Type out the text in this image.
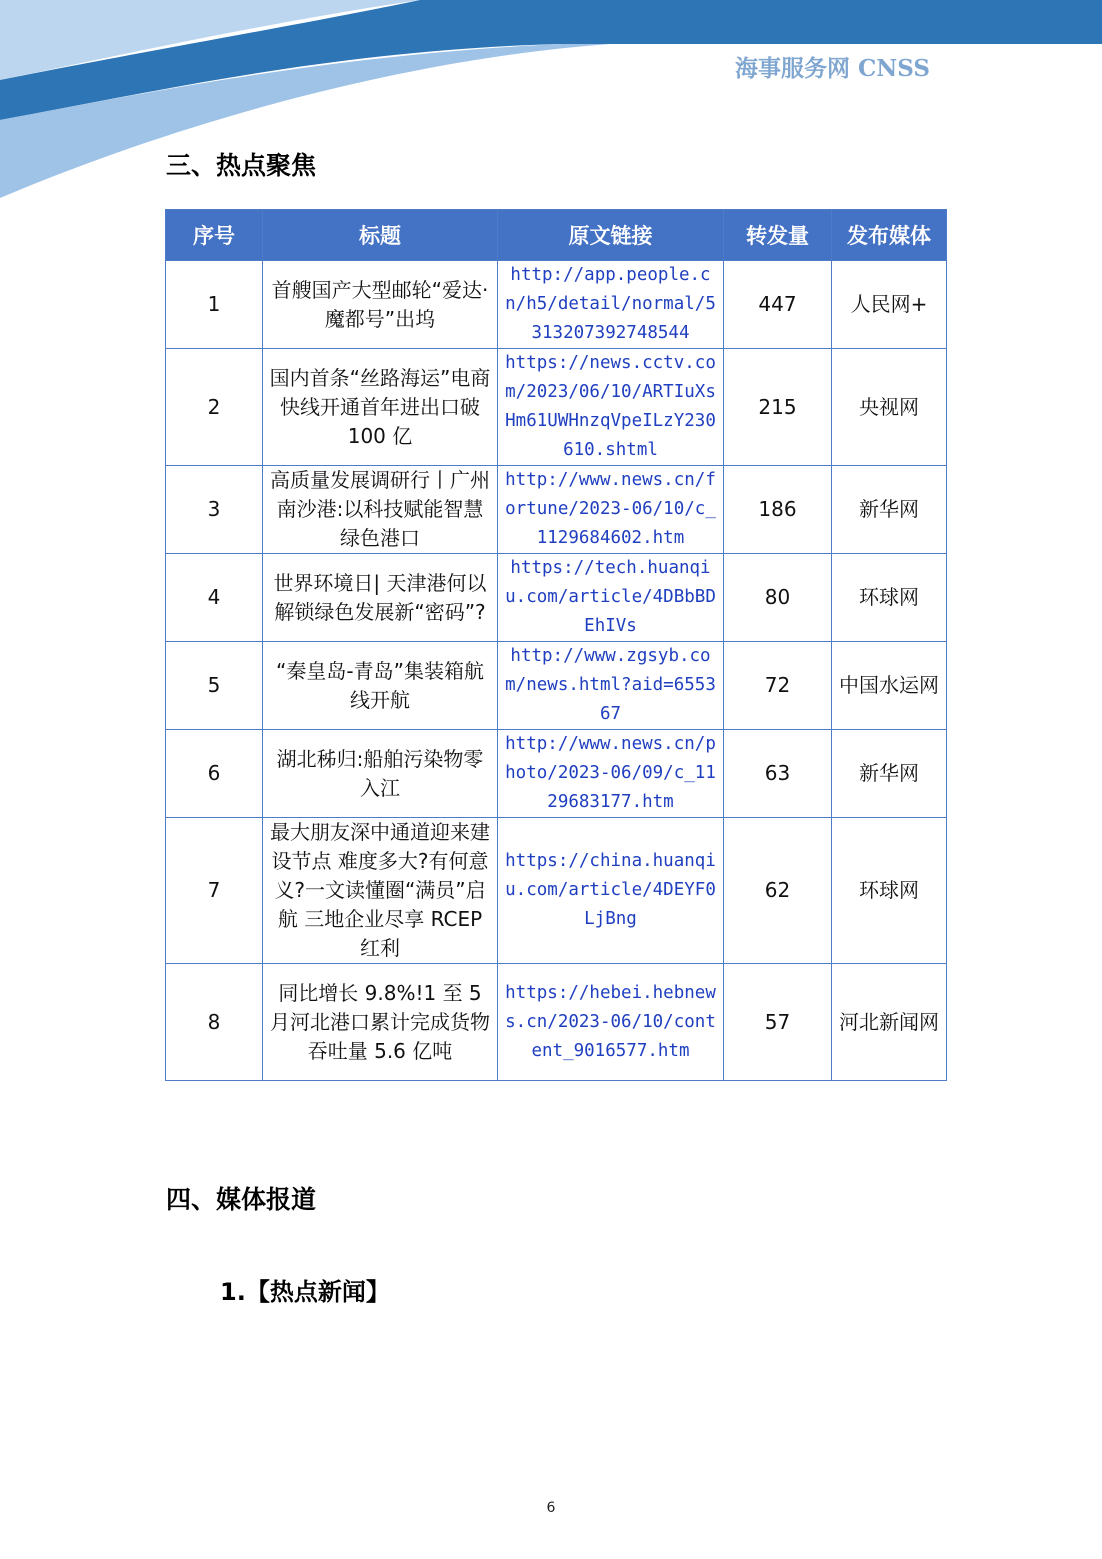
海事服务网 CNSS
三、热点聚焦
序号	标题	原文链接	转发量	发布媒体
1	首艘国产大型邮轮“爱达·魔都号”出坞	http://app.people.cn/h5/detail/normal/5313207392748544	447	人民网+
2	国内首条“丝路海运”电商快线开通首年进出口破 100 亿	https://news.cctv.com/2023/06/10/ARTIuXsHm61UWHnzqVpeILzY230610.shtml	215	央视网
3	高质量发展调研行丨广州南沙港:以科技赋能智慧绿色港口	http://www.news.cn/fortune/2023-06/10/c_1129684602.htm	186	新华网
4	世界环境日| 天津港何以解锁绿色发展新“密码”?	https://tech.huanqiu.com/article/4DBbBDEhIVs	80	环球网
5	“秦皇岛-青岛”集装箱航线开航	http://www.zgsyb.com/news.html?aid=655367	72	中国水运网
6	湖北秭归:船舶污染物零入江	http://www.news.cn/photo/2023-06/09/c_1129683177.htm	63	新华网
7	最大朋友深中通道迎来建设节点 难度多大?有何意义?一文读懂圈“满员”启航 三地企业尽享 RCEP 红利	https://china.huanqiu.com/article/4DEYF0LjBng	62	环球网
8	同比增长 9.8%!1 至 5 月河北港口累计完成货物吞吐量 5.6 亿吨	https://hebei.hebnews.cn/2023-06/10/content_9016577.htm	57	河北新闻网
四、媒体报道
1.【热点新闻】
6
